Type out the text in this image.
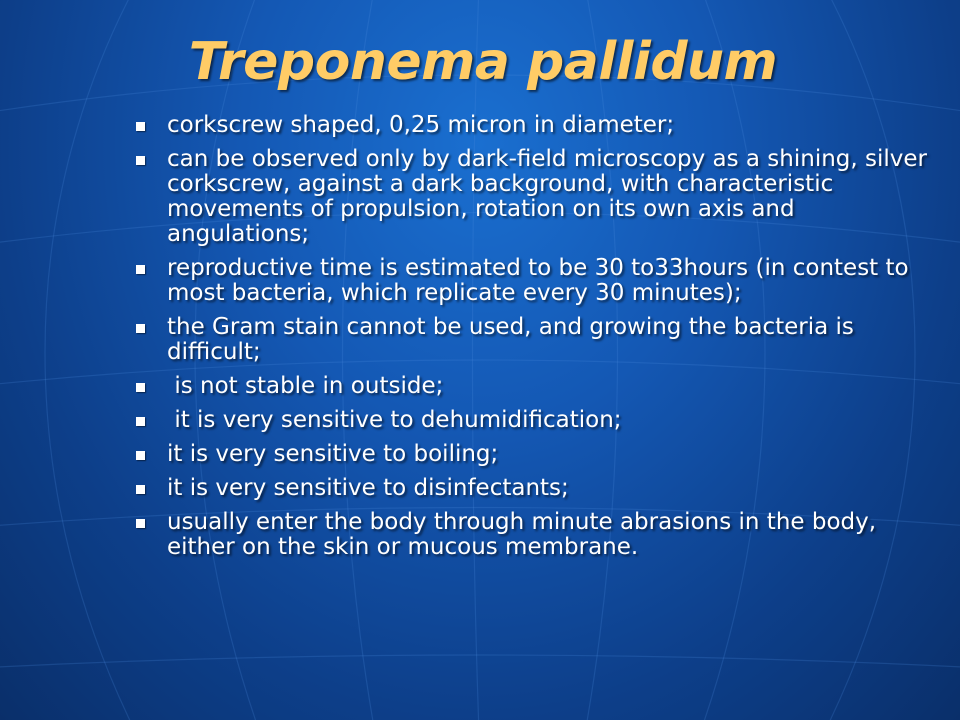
Treponema pallidum
corkscrew shaped, 0,25 micron in diameter;
can be observed only by dark-field microscopy as a shining, silver corkscrew, against a dark background, with characteristic movements of propulsion, rotation on its own axis and  angulations;
reproductive time is estimated to be 30 to33hours (in contest to most bacteria, which replicate every 30 minutes);
the Gram stain cannot be used, and growing the bacteria is difficult;
is not stable in outside;
it is very sensitive to dehumidification;
it is very sensitive to boiling;
it is very sensitive to disinfectants;
usually enter the body through minute abrasions in the body, either on the skin or mucous membrane.
